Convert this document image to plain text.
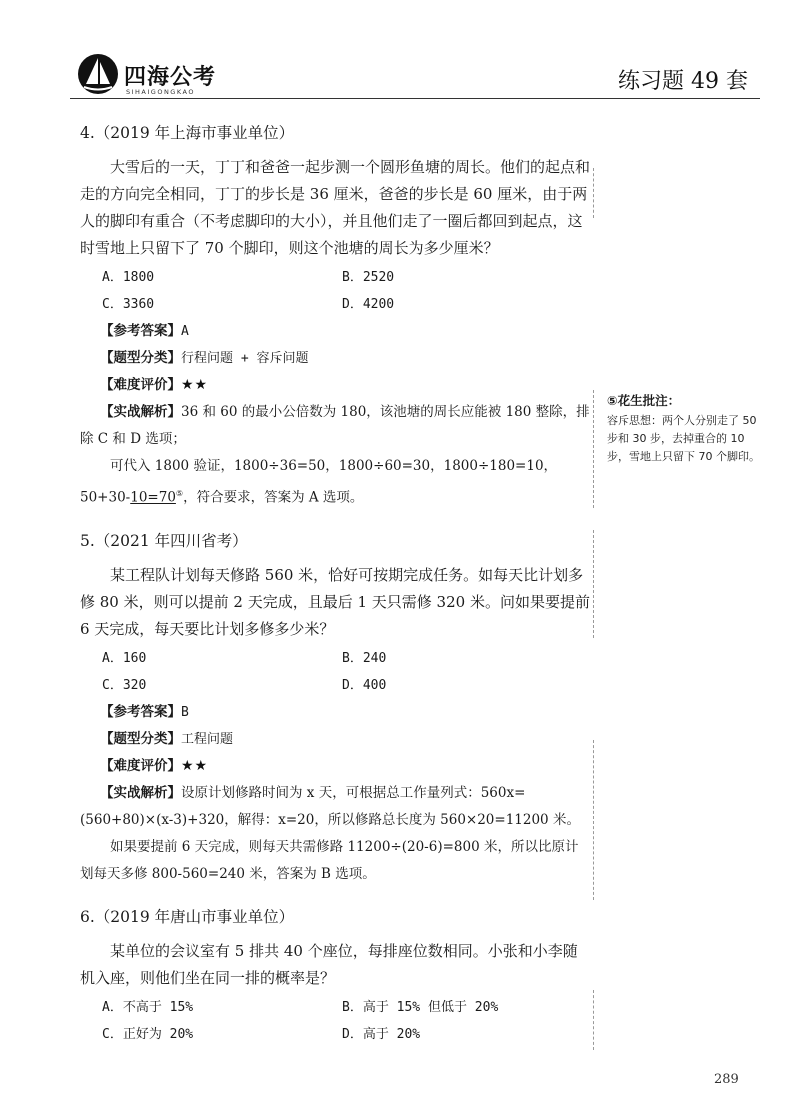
四海公考
SIHAIGONGKAO	练习题 49 套

4.（2019 年上海市事业单位）

大雪后的一天，丁丁和爸爸一起步测一个圆形鱼塘的周长。他们的起点和走的方向完全相同，丁丁的步长是 36 厘米，爸爸的步长是 60 厘米，由于两人的脚印有重合（不考虑脚印的大小），并且他们走了一圈后都回到起点，这时雪地上只留下了 70 个脚印，则这个池塘的周长为多少厘米？

A．1800	B．2520
C．3360	D．4200

【参考答案】A

【题型分类】行程问题 + 容斥问题

【难度评价】★★

【实战解析】36 和 60 的最小公倍数为 180，该池塘的周长应能被 180 整除，排除 C 和 D 选项；

可代入 1800 验证，1800÷36=50，1800÷60=30，1800÷180=10，50+30-10=70⑤，符合要求，答案为 A 选项。

5.（2021 年四川省考）

某工程队计划每天修路 560 米，恰好可按期完成任务。如每天比计划多修 80 米，则可以提前 2 天完成，且最后 1 天只需修 320 米。问如果要提前 6 天完成，每天要比计划多修多少米？

A．160	B．240
C．320	D．400

【参考答案】B

【题型分类】工程问题

【难度评价】★★

【实战解析】设原计划修路时间为 x 天，可根据总工作量列式：560x=(560+80)×(x-3)+320，解得：x=20，所以修路总长度为 560×20=11200 米。

如果要提前 6 天完成，则每天共需修路 11200÷(20-6)=800 米，所以比原计划每天多修 800-560=240 米，答案为 B 选项。

6.（2019 年唐山市事业单位）

某单位的会议室有 5 排共 40 个座位，每排座位数相同。小张和小李随机入座，则他们坐在同一排的概率是？

A．不高于 15%	B．高于 15% 但低于 20%
C．正好为 20%	D．高于 20%
⑤花生批注：
容斥思想：两个人分别走了 50 步和 30 步，去掉重合的 10 步，雪地上只留下 70 个脚印。
289
